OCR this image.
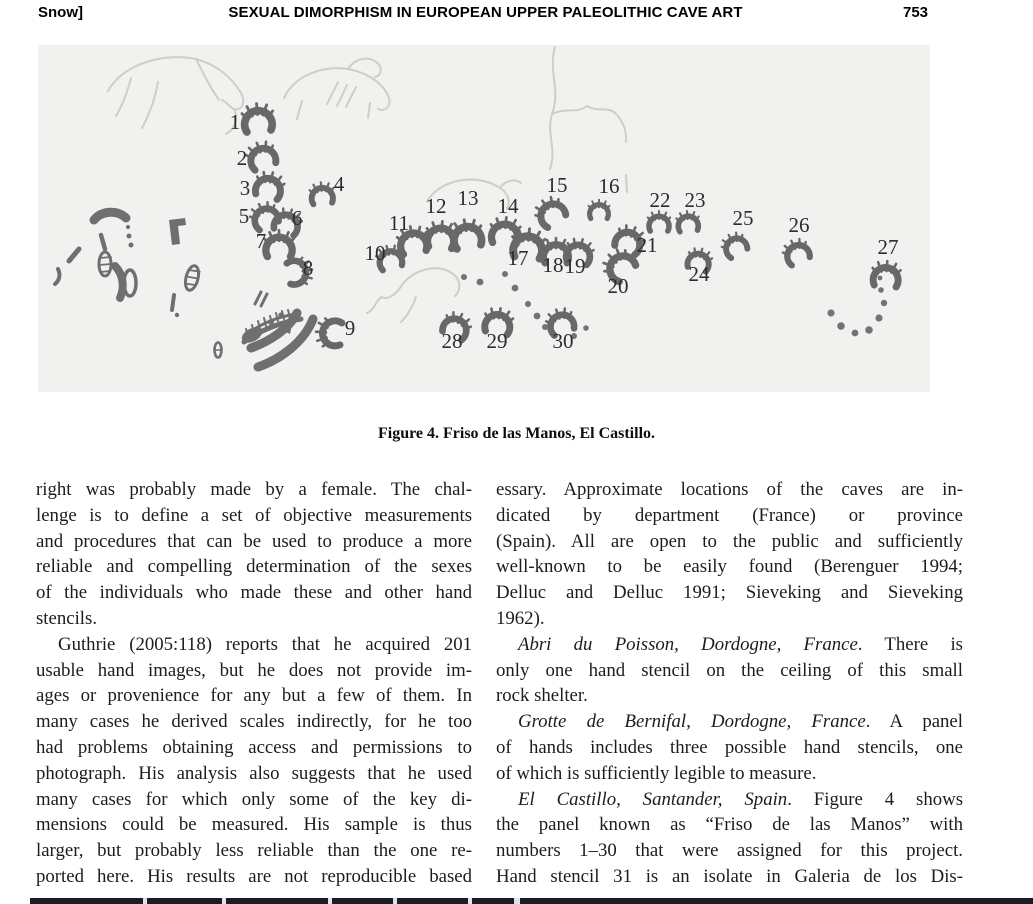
Snow]	SEXUAL DIMORPHISM IN EUROPEAN UPPER PALEOLITHIC CAVE ART	753
1
2
3	4
5 6
7
8
9
10
11
12 13 14
15 16
17 18 19
20
21
22 23
24
25 26
27
28 29 30
Figure 4. Friso de las Manos, El Castillo.
right was probably made by a female. The chal-
lenge is to define a set of objective measurements
and procedures that can be used to produce a more
reliable and compelling determination of the sexes
of the individuals who made these and other hand
stencils.
Guthrie (2005:118) reports that he acquired 201
usable hand images, but he does not provide im-
ages or provenience for any but a few of them. In
many cases he derived scales indirectly, for he too
had problems obtaining access and permissions to
photograph. His analysis also suggests that he used
many cases for which only some of the key di-
mensions could be measured. His sample is thus
larger, but probably less reliable than the one re-
ported here. His results are not reproducible based
essary. Approximate locations of the caves are in-
dicated by department (France) or province
(Spain). All are open to the public and sufficiently
well-known to be easily found (Berenguer 1994;
Delluc and Delluc 1991; Sieveking and Sieveking
1962).
Abri du Poisson, Dordogne, France. There is
only one hand stencil on the ceiling of this small
rock shelter.
Grotte de Bernifal, Dordogne, France. A panel
of hands includes three possible hand stencils, one
of which is sufficiently legible to measure.
El Castillo, Santander, Spain. Figure 4 shows
the panel known as “Friso de las Manos” with
numbers 1–30 that were assigned for this project.
Hand stencil 31 is an isolate in Galeria de los Dis-
